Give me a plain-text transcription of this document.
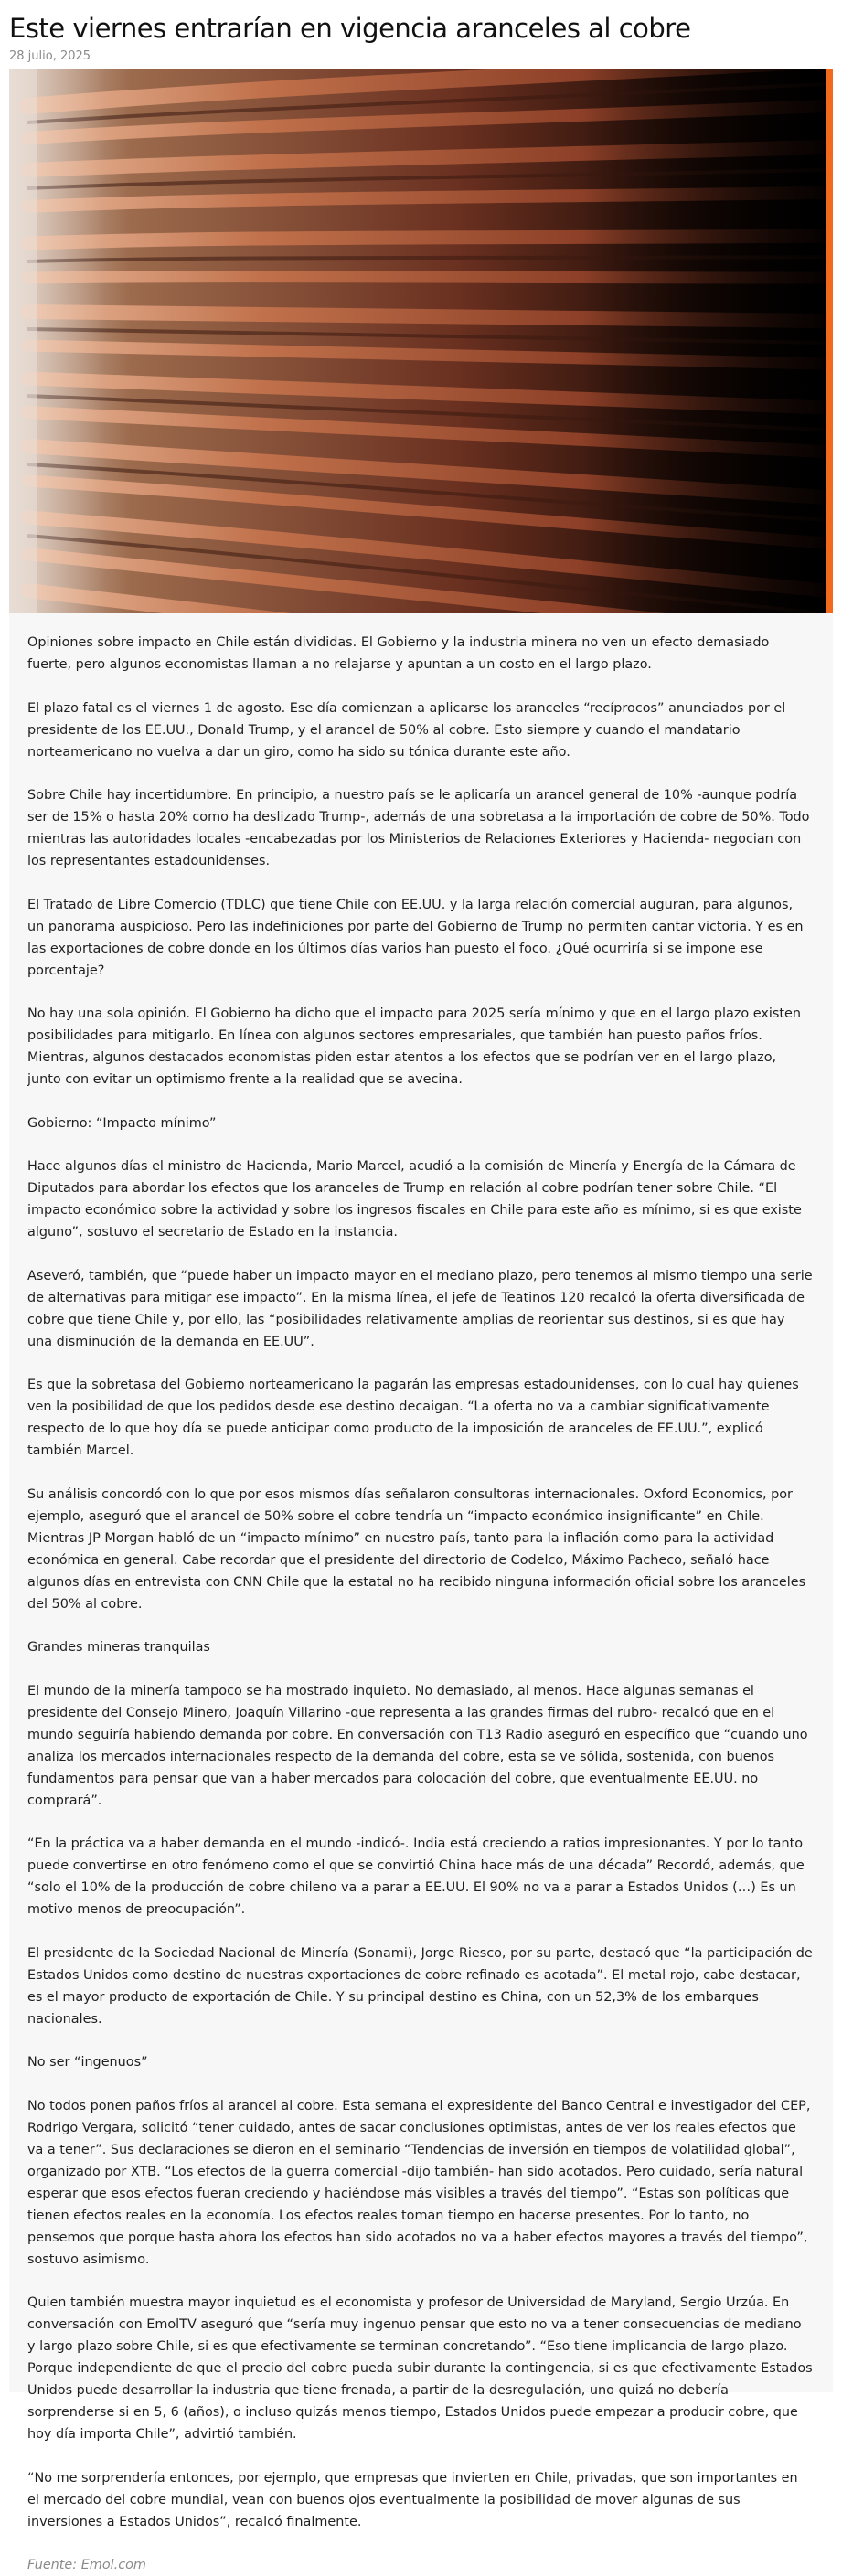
Este viernes entrarían en vigencia aranceles al cobre
28 julio, 2025

Opiniones sobre impacto en Chile están divididas. El Gobierno y la industria minera no ven un efecto demasiado fuerte, pero algunos economistas llaman a no relajarse y apuntan a un costo en el largo plazo.

El plazo fatal es el viernes 1 de agosto. Ese día comienzan a aplicarse los aranceles “recíprocos” anunciados por el presidente de los EE.UU., Donald Trump, y el arancel de 50% al cobre. Esto siempre y cuando el mandatario norteamericano no vuelva a dar un giro, como ha sido su tónica durante este año.

Sobre Chile hay incertidumbre. En principio, a nuestro país se le aplicaría un arancel general de 10% -aunque podría ser de 15% o hasta 20% como ha deslizado Trump-, además de una sobretasa a la importación de cobre de 50%. Todo mientras las autoridades locales -encabezadas por los Ministerios de Relaciones Exteriores y Hacienda- negocian con los representantes estadounidenses.

El Tratado de Libre Comercio (TDLC) que tiene Chile con EE.UU. y la larga relación comercial auguran, para algunos, un panorama auspicioso. Pero las indefiniciones por parte del Gobierno de Trump no permiten cantar victoria. Y es en las exportaciones de cobre donde en los últimos días varios han puesto el foco. ¿Qué ocurriría si se impone ese porcentaje?

No hay una sola opinión. El Gobierno ha dicho que el impacto para 2025 sería mínimo y que en el largo plazo existen posibilidades para mitigarlo. En línea con algunos sectores empresariales, que también han puesto paños fríos. Mientras, algunos destacados economistas piden estar atentos a los efectos que se podrían ver en el largo plazo, junto con evitar un optimismo frente a la realidad que se avecina.

Gobierno: “Impacto mínimo”

Hace algunos días el ministro de Hacienda, Mario Marcel, acudió a la comisión de Minería y Energía de la Cámara de Diputados para abordar los efectos que los aranceles de Trump en relación al cobre podrían tener sobre Chile. “El impacto económico sobre la actividad y sobre los ingresos fiscales en Chile para este año es mínimo, si es que existe alguno”, sostuvo el secretario de Estado en la instancia.

Aseveró, también, que “puede haber un impacto mayor en el mediano plazo, pero tenemos al mismo tiempo una serie de alternativas para mitigar ese impacto”. En la misma línea, el jefe de Teatinos 120 recalcó la oferta diversificada de cobre que tiene Chile y, por ello, las “posibilidades relativamente amplias de reorientar sus destinos, si es que hay una disminución de la demanda en EE.UU”.

Es que la sobretasa del Gobierno norteamericano la pagarán las empresas estadounidenses, con lo cual hay quienes ven la posibilidad de que los pedidos desde ese destino decaigan. “La oferta no va a cambiar significativamente respecto de lo que hoy día se puede anticipar como producto de la imposición de aranceles de EE.UU.”, explicó también Marcel.

Su análisis concordó con lo que por esos mismos días señalaron consultoras internacionales. Oxford Economics, por ejemplo, aseguró que el arancel de 50% sobre el cobre tendría un “impacto económico insignificante” en Chile. Mientras JP Morgan habló de un “impacto mínimo” en nuestro país, tanto para la inflación como para la actividad económica en general. Cabe recordar que el presidente del directorio de Codelco, Máximo Pacheco, señaló hace algunos días en entrevista con CNN Chile que la estatal no ha recibido ninguna información oficial sobre los aranceles del 50% al cobre.

Grandes mineras tranquilas

El mundo de la minería tampoco se ha mostrado inquieto. No demasiado, al menos. Hace algunas semanas el presidente del Consejo Minero, Joaquín Villarino -que representa a las grandes firmas del rubro- recalcó que en el mundo seguiría habiendo demanda por cobre. En conversación con T13 Radio aseguró en específico que “cuando uno analiza los mercados internacionales respecto de la demanda del cobre, esta se ve sólida, sostenida, con buenos fundamentos para pensar que van a haber mercados para colocación del cobre, que eventualmente EE.UU. no comprará”.

“En la práctica va a haber demanda en el mundo -indicó-. India está creciendo a ratios impresionantes. Y por lo tanto puede convertirse en otro fenómeno como el que se convirtió China hace más de una década” Recordó, además, que “solo el 10% de la producción de cobre chileno va a parar a EE.UU. El 90% no va a parar a Estados Unidos (…) Es un motivo menos de preocupación”.

El presidente de la Sociedad Nacional de Minería (Sonami), Jorge Riesco, por su parte, destacó que “la participación de Estados Unidos como destino de nuestras exportaciones de cobre refinado es acotada”. El metal rojo, cabe destacar, es el mayor producto de exportación de Chile. Y su principal destino es China, con un 52,3% de los embarques nacionales.

No ser “ingenuos”

No todos ponen paños fríos al arancel al cobre. Esta semana el expresidente del Banco Central e investigador del CEP, Rodrigo Vergara, solicitó “tener cuidado, antes de sacar conclusiones optimistas, antes de ver los reales efectos que va a tener”. Sus declaraciones se dieron en el seminario “Tendencias de inversión en tiempos de volatilidad global”, organizado por XTB. “Los efectos de la guerra comercial -dijo también- han sido acotados. Pero cuidado, sería natural esperar que esos efectos fueran creciendo y haciéndose más visibles a través del tiempo”. “Estas son políticas que tienen efectos reales en la economía. Los efectos reales toman tiempo en hacerse presentes. Por lo tanto, no pensemos que porque hasta ahora los efectos han sido acotados no va a haber efectos mayores a través del tiempo”, sostuvo asimismo.

Quien también muestra mayor inquietud es el economista y profesor de Universidad de Maryland, Sergio Urzúa. En conversación con EmolTV aseguró que “sería muy ingenuo pensar que esto no va a tener consecuencias de mediano y largo plazo sobre Chile, si es que efectivamente se terminan concretando”. “Eso tiene implicancia de largo plazo. Porque independiente de que el precio del cobre pueda subir durante la contingencia, si es que efectivamente Estados Unidos puede desarrollar la industria que tiene frenada, a partir de la desregulación, uno quizá no debería sorprenderse si en 5, 6 (años), o incluso quizás menos tiempo, Estados Unidos puede empezar a producir cobre, que hoy día importa Chile”, advirtió también.

“No me sorprendería entonces, por ejemplo, que empresas que invierten en Chile, privadas, que son importantes en el mercado del cobre mundial, vean con buenos ojos eventualmente la posibilidad de mover algunas de sus inversiones a Estados Unidos”, recalcó finalmente.

Fuente: Emol.com
